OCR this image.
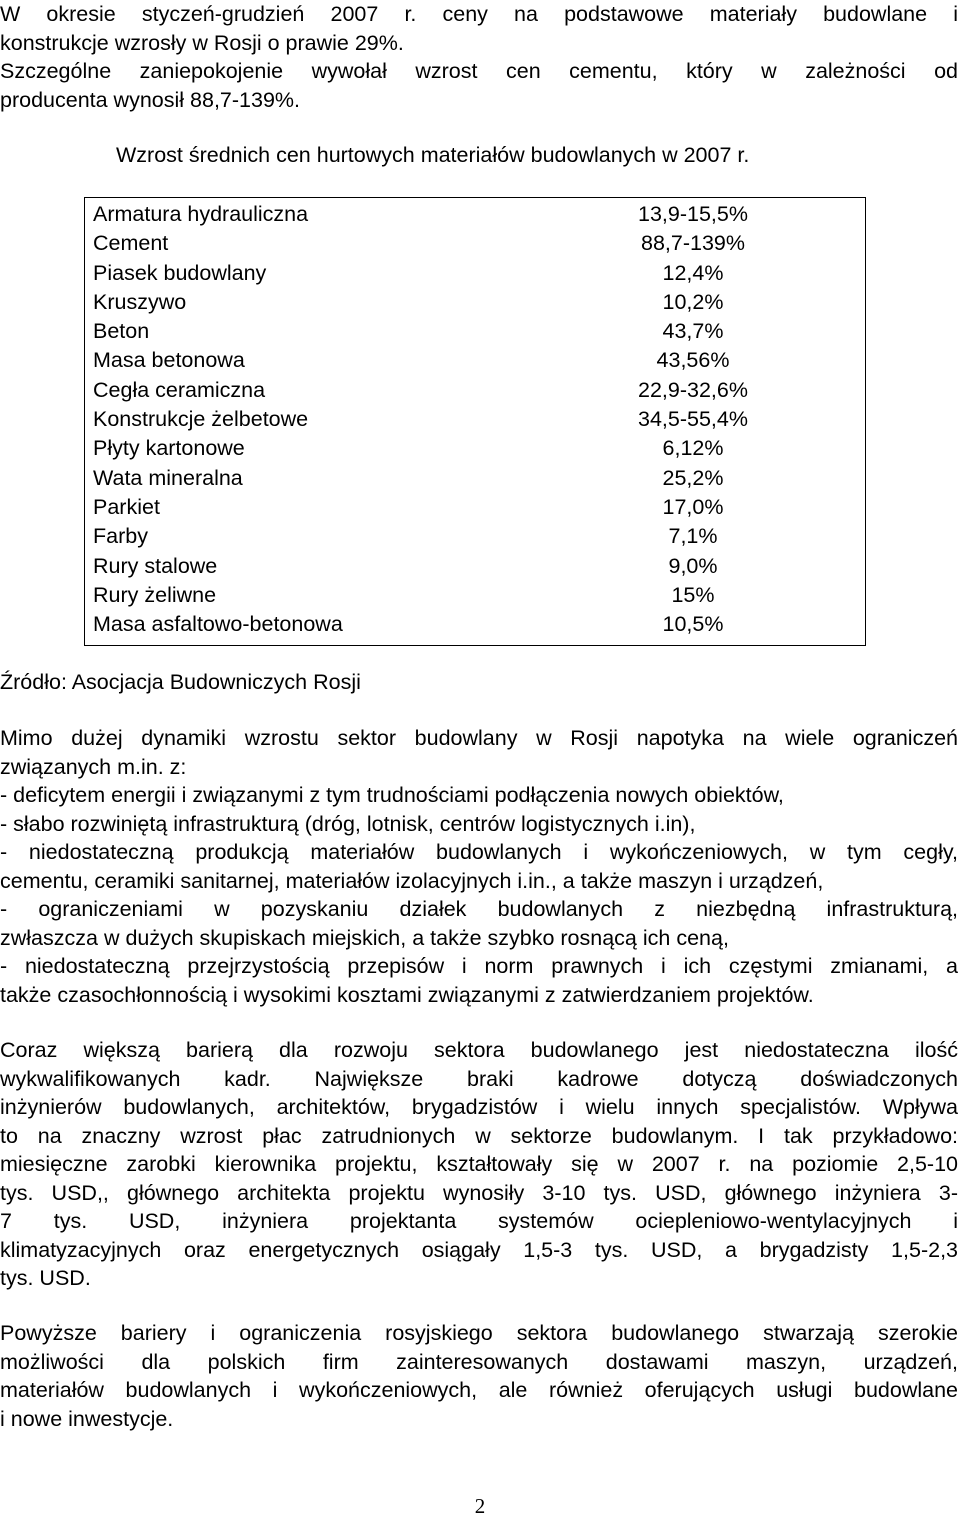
W okresie styczeń-grudzień 2007 r. ceny na podstawowe materiały budowlane i
konstrukcje wzrosły w Rosji o prawie 29%.
Szczególne zaniepokojenie wywołał wzrost cen cementu, który w zależności od
producenta wynosił 88,7-139%.
Wzrost średnich cen hurtowych materiałów budowlanych w 2007 r.
Armatura hydrauliczna	13,9-15,5%
Cement	88,7-139%
Piasek budowlany	12,4%
Kruszywo	10,2%
Beton	43,7%
Masa betonowa	43,56%
Cegła ceramiczna	22,9-32,6%
Konstrukcje żelbetowe	34,5-55,4%
Płyty kartonowe	6,12%
Wata mineralna	25,2%
Parkiet	17,0%
Farby	7,1%
Rury stalowe	9,0%
Rury żeliwne	15%
Masa asfaltowo-betonowa	10,5%
Źródło: Asocjacja Budowniczych Rosji
Mimo dużej dynamiki wzrostu sektor budowlany w Rosji napotyka na wiele ograniczeń
związanych m.in. z:
- deficytem energii i związanymi z tym trudnościami podłączenia nowych obiektów,
- słabo rozwiniętą infrastrukturą (dróg, lotnisk, centrów logistycznych i.in),
- niedostateczną produkcją materiałów budowlanych i wykończeniowych, w tym cegły,
cementu, ceramiki sanitarnej, materiałów izolacyjnych i.in., a także maszyn i urządzeń,
- ograniczeniami w pozyskaniu działek budowlanych z niezbędną infrastrukturą,
zwłaszcza w dużych skupiskach miejskich, a także szybko rosnącą ich ceną,
- niedostateczną przejrzystością przepisów i norm prawnych i ich częstymi zmianami, a
także czasochłonnością i wysokimi kosztami związanymi z zatwierdzaniem projektów.
Coraz większą barierą dla rozwoju sektora budowlanego jest niedostateczna ilość
wykwalifikowanych kadr. Największe braki kadrowe dotyczą doświadczonych
inżynierów budowlanych, architektów, brygadzistów i wielu innych specjalistów. Wpływa
to na znaczny wzrost płac zatrudnionych w sektorze budowlanym. I tak przykładowo:
miesięczne zarobki kierownika projektu, kształtowały się w 2007 r. na poziomie 2,5-10
tys. USD,, głównego architekta projektu wynosiły 3-10 tys. USD, głównego inżyniera 3-
7 tys. USD, inżyniera projektanta systemów ociepleniowo-wentylacyjnych i
klimatyzacyjnych oraz energetycznych osiągały 1,5-3 tys. USD, a brygadzisty 1,5-2,3
tys. USD.
Powyższe bariery i ograniczenia rosyjskiego sektora budowlanego stwarzają szerokie
możliwości dla polskich firm zainteresowanych dostawami maszyn, urządzeń,
materiałów budowlanych i wykończeniowych, ale również oferujących usługi budowlane
i nowe inwestycje.
2
